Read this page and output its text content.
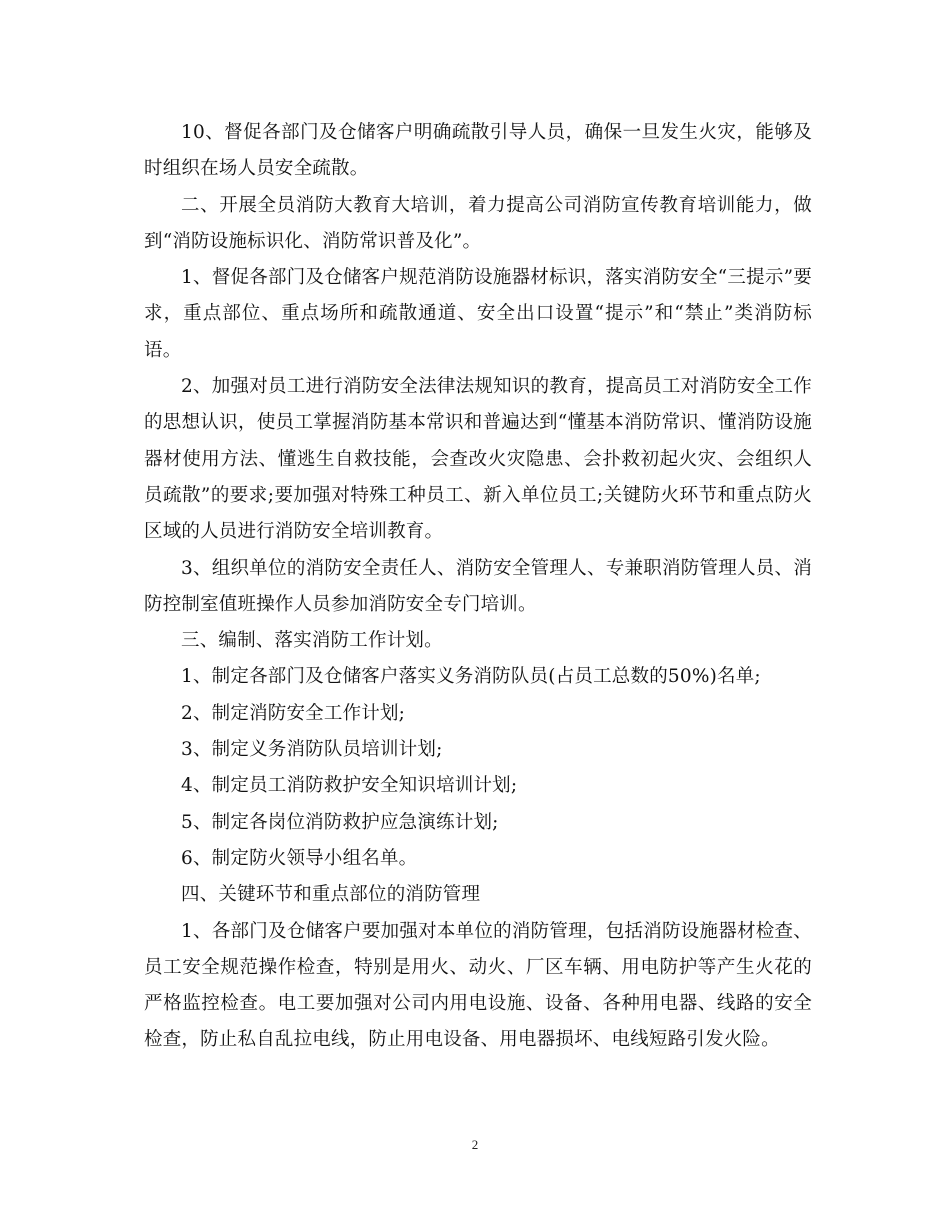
10、督促各部门及仓储客户明确疏散引导人员，确保一旦发生火灾，能够及时组织在场人员安全疏散。

二、开展全员消防大教育大培训，着力提高公司消防宣传教育培训能力，做到“消防设施标识化、消防常识普及化”。

1、督促各部门及仓储客户规范消防设施器材标识，落实消防安全“三提示”要求，重点部位、重点场所和疏散通道、安全出口设置“提示”和“禁止”类消防标语。

2、加强对员工进行消防安全法律法规知识的教育，提高员工对消防安全工作的思想认识，使员工掌握消防基本常识和普遍达到“懂基本消防常识、懂消防设施器材使用方法、懂逃生自救技能，会查改火灾隐患、会扑救初起火灾、会组织人员疏散”的要求;要加强对特殊工种员工、新入单位员工;关键防火环节和重点防火区域的人员进行消防安全培训教育。

3、组织单位的消防安全责任人、消防安全管理人、专兼职消防管理人员、消防控制室值班操作人员参加消防安全专门培训。

三、编制、落实消防工作计划。

1、制定各部门及仓储客户落实义务消防队员(占员工总数的50%)名单;

2、制定消防安全工作计划;

3、制定义务消防队员培训计划;

4、制定员工消防救护安全知识培训计划;

5、制定各岗位消防救护应急演练计划;

6、制定防火领导小组名单。

四、关键环节和重点部位的消防管理

1、各部门及仓储客户要加强对本单位的消防管理，包括消防设施器材检查、员工安全规范操作检查，特别是用火、动火、厂区车辆、用电防护等产生火花的严格监控检查。电工要加强对公司内用电设施、设备、各种用电器、线路的安全检查，防止私自乱拉电线，防止用电设备、用电器损坏、电线短路引发火险。

2
